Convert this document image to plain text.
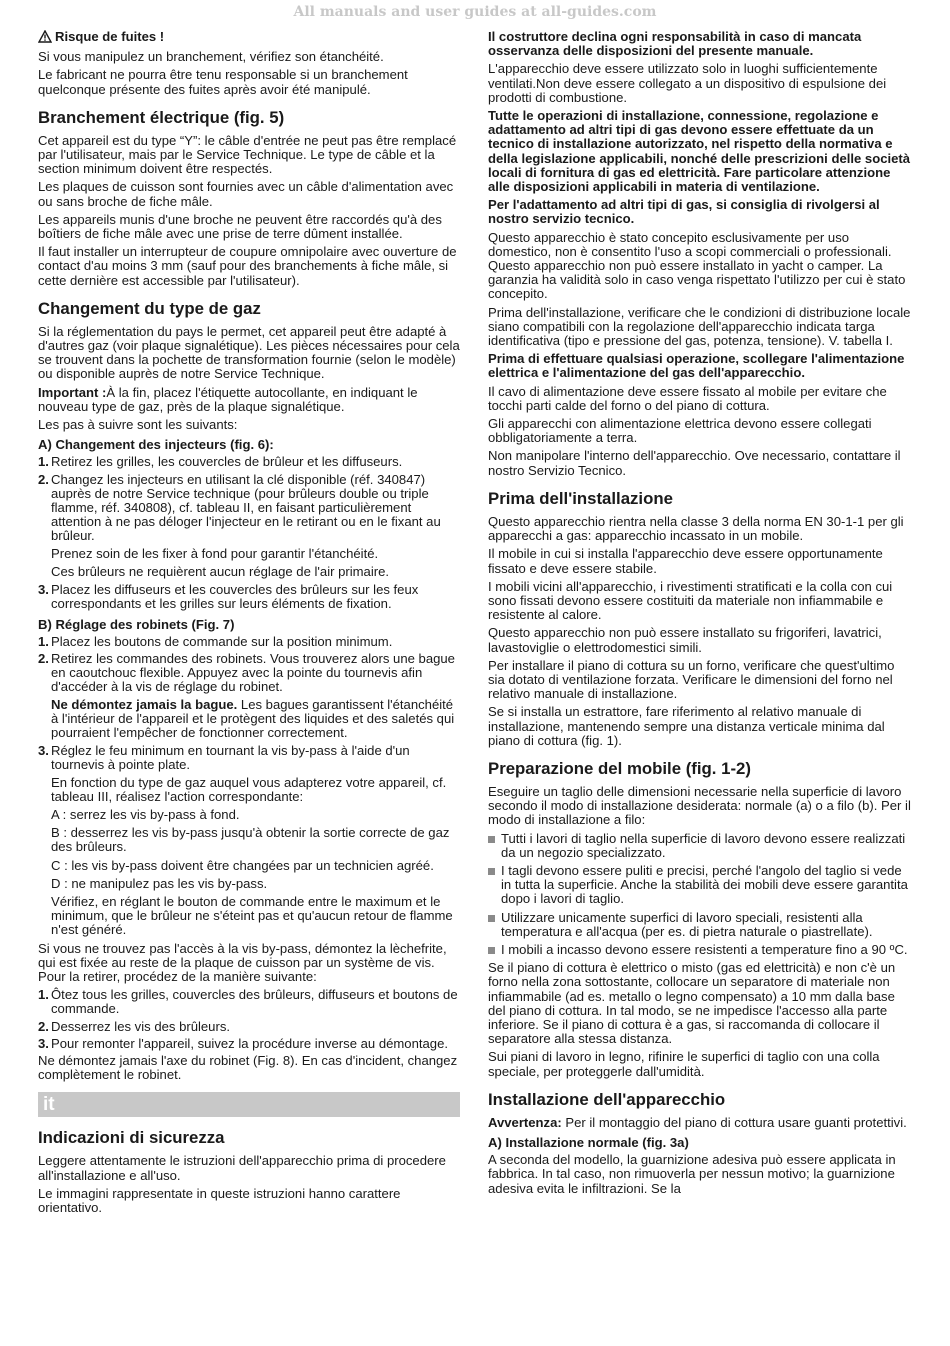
All manuals and user guides at all-guides.com
Risque de fuites !

Si vous manipulez un branchement, vérifiez son étanchéité.

Le fabricant ne pourra être tenu responsable si un branchement quelconque présente des fuites après avoir été manipulé.

Branchement électrique (fig. 5)

Cet appareil est du type “Y”: le câble d'entrée ne peut pas être remplacé par l'utilisateur, mais par le Service Technique. Le type de câble et la section minimum doivent être respectés.

Les plaques de cuisson sont fournies avec un câble d'alimentation avec ou sans broche de fiche mâle.

Les appareils munis d'une broche ne peuvent être raccordés qu'à des boîtiers de fiche mâle avec une prise de terre dûment installée.

Il faut installer un interrupteur de coupure omnipolaire avec ouverture de contact d'au moins 3 mm (sauf pour des branchements à fiche mâle, si cette dernière est accessible par l'utilisateur).

Changement du type de gaz

Si la réglementation du pays le permet, cet appareil peut être adapté à d'autres gaz (voir plaque signalétique). Les pièces nécessaires pour cela se trouvent dans la pochette de transformation fournie (selon le modèle) ou disponible auprès de notre Service Technique.

Important :À la fin, placez l'étiquette autocollante, en indiquant le nouveau type de gaz, près de la plaque signalétique.

Les pas à suivre sont les suivants:

A) Changement des injecteurs (fig. 6):
1. Retirez les grilles, les couvercles de brûleur et les diffuseurs.
2. Changez les injecteurs en utilisant la clé disponible (réf. 340847) auprès de notre Service technique (pour brûleurs double ou triple flamme, réf. 340808), cf. tableau II, en faisant particulièrement attention à ne pas déloger l'injecteur en le retirant ou en le fixant au brûleur.

Prenez soin de les fixer à fond pour garantir l'étanchéité.

Ces brûleurs ne requièrent aucun réglage de l'air primaire.

3. Placez les diffuseurs et les couvercles des brûleurs sur les feux correspondants et les grilles sur leurs éléments de fixation.
B) Réglage des robinets (Fig. 7)
1. Placez les boutons de commande sur la position minimum.
2. Retirez les commandes des robinets. Vous trouverez alors une bague en caoutchouc flexible. Appuyez avec la pointe du tournevis afin d'accéder à la vis de réglage du robinet.

Ne démontez jamais la bague. Les bagues garantissent l'étanchéité à l'intérieur de l'appareil et le protègent des liquides et des saletés qui pourraient l'empêcher de fonctionner correctement.

3. Réglez le feu minimum en tournant la vis by-pass à l'aide d'un tournevis à pointe plate.

En fonction du type de gaz auquel vous adapterez votre appareil, cf. tableau III, réalisez l'action correspondante:

A : serrez les vis by-pass à fond.

B : desserrez les vis by-pass jusqu'à obtenir la sortie correcte de gaz des brûleurs.

C : les vis by-pass doivent être changées par un technicien agréé.

D : ne manipulez pas les vis by-pass.

Vérifiez, en réglant le bouton de commande entre le maximum et le minimum, que le brûleur ne s'éteint pas et qu'aucun retour de flamme n'est généré.

Si vous ne trouvez pas l'accès à la vis by-pass, démontez la lèchefrite, qui est fixée au reste de la plaque de cuisson par un système de vis. Pour la retirer, procédez de la manière suivante:

1. Ôtez tous les grilles, couvercles des brûleurs, diffuseurs et boutons de commande.
2. Desserrez les vis des brûleurs.
3. Pour remonter l'appareil, suivez la procédure inverse au démontage.

Ne démontez jamais l'axe du robinet (Fig. 8). En cas d'incident, changez complètement le robinet.

it
Indicazioni di sicurezza

Leggere attentamente le istruzioni dell'apparecchio prima di procedere all'installazione e all'uso.

Le immagini rappresentate in queste istruzioni hanno carattere orientativo.

Il costruttore declina ogni responsabilità in caso di mancata osservanza delle disposizioni del presente manuale.

L'apparecchio deve essere utilizzato solo in luoghi sufficientemente ventilati.Non deve essere collegato a un dispositivo di espulsione dei prodotti di combustione.

Tutte le operazioni di installazione, connessione, regolazione e adattamento ad altri tipi di gas devono essere effettuate da un tecnico di installazione autorizzato, nel rispetto della normativa e della legislazione applicabili, nonché delle prescrizioni delle società locali di fornitura di gas ed elettricità. Fare particolare attenzione alle disposizioni applicabili in materia di ventilazione.

Per l'adattamento ad altri tipi di gas, si consiglia di rivolgersi al nostro servizio tecnico.

Questo apparecchio è stato concepito esclusivamente per uso domestico, non è consentito l'uso a scopi commerciali o professionali. Questo apparecchio non può essere installato in yacht o camper. La garanzia ha validità solo in caso venga rispettato l'utilizzo per cui è stato concepito.

Prima dell'installazione, verificare che le condizioni di distribuzione locale siano compatibili con la regolazione dell'apparecchio indicata targa identificativa (tipo e pressione del gas, potenza, tensione). V. tabella I.

Prima di effettuare qualsiasi operazione, scollegare l'alimentazione elettrica e l'alimentazione del gas dell'apparecchio.

Il cavo di alimentazione deve essere fissato al mobile per evitare che tocchi parti calde del forno o del piano di cottura.

Gli apparecchi con alimentazione elettrica devono essere collegati obbligatoriamente a terra.

Non manipolare l'interno dell'apparecchio. Ove necessario, contattare il nostro Servizio Tecnico.

Prima dell'installazione

Questo apparecchio rientra nella classe 3 della norma EN 30-1-1 per gli apparecchi a gas: apparecchio incassato in un mobile.

Il mobile in cui si installa l'apparecchio deve essere opportunamente fissato e deve essere stabile.

I mobili vicini all'apparecchio, i rivestimenti stratificati e la colla con cui sono fissati devono essere costituiti da materiale non infiammabile e resistente al calore.

Questo apparecchio non può essere installato su frigoriferi, lavatrici, lavastoviglie o elettrodomestici simili.

Per installare il piano di cottura su un forno, verificare che quest'ultimo sia dotato di ventilazione forzata. Verificare le dimensioni del forno nel relativo manuale di installazione.

Se si installa un estrattore, fare riferimento al relativo manuale di installazione, mantenendo sempre una distanza verticale minima dal piano di cottura (fig. 1).

Preparazione del mobile (fig. 1-2)

Eseguire un taglio delle dimensioni necessarie nella superficie di lavoro secondo il modo di installazione desiderata: normale (a) o a filo (b). Per il modo di installazione a filo:

Tutti i lavori di taglio nella superficie di lavoro devono essere realizzati da un negozio specializzato.
I tagli devono essere puliti e precisi, perché l'angolo del taglio si vede in tutta la superficie. Anche la stabilità dei mobili deve essere garantita dopo i lavori di taglio.
Utilizzare unicamente superfici di lavoro speciali, resistenti alla temperatura e all'acqua (per es. di pietra naturale o piastrellate).
I mobili a incasso devono essere resistenti a temperature fino a 90 ºC.

Se il piano di cottura è elettrico o misto (gas ed elettricità) e non c'è un forno nella zona sottostante, collocare un separatore di materiale non infiammabile (ad es. metallo o legno compensato) a 10 mm dalla base del piano di cottura. In tal modo, se ne impedisce l'accesso alla parte inferiore. Se il piano di cottura è a gas, si raccomanda di collocare il separatore alla stessa distanza.

Sui piani di lavoro in legno, rifinire le superfici di taglio con una colla speciale, per proteggerle dall'umidità.

Installazione dell'apparecchio

Avvertenza: Per il montaggio del piano di cottura usare guanti protettivi.

A) Installazione normale (fig. 3a)

A seconda del modello, la guarnizione adesiva può essere applicata in fabbrica. In tal caso, non rimuoverla per nessun motivo; la guarnizione adesiva evita le infiltrazioni. Se la
